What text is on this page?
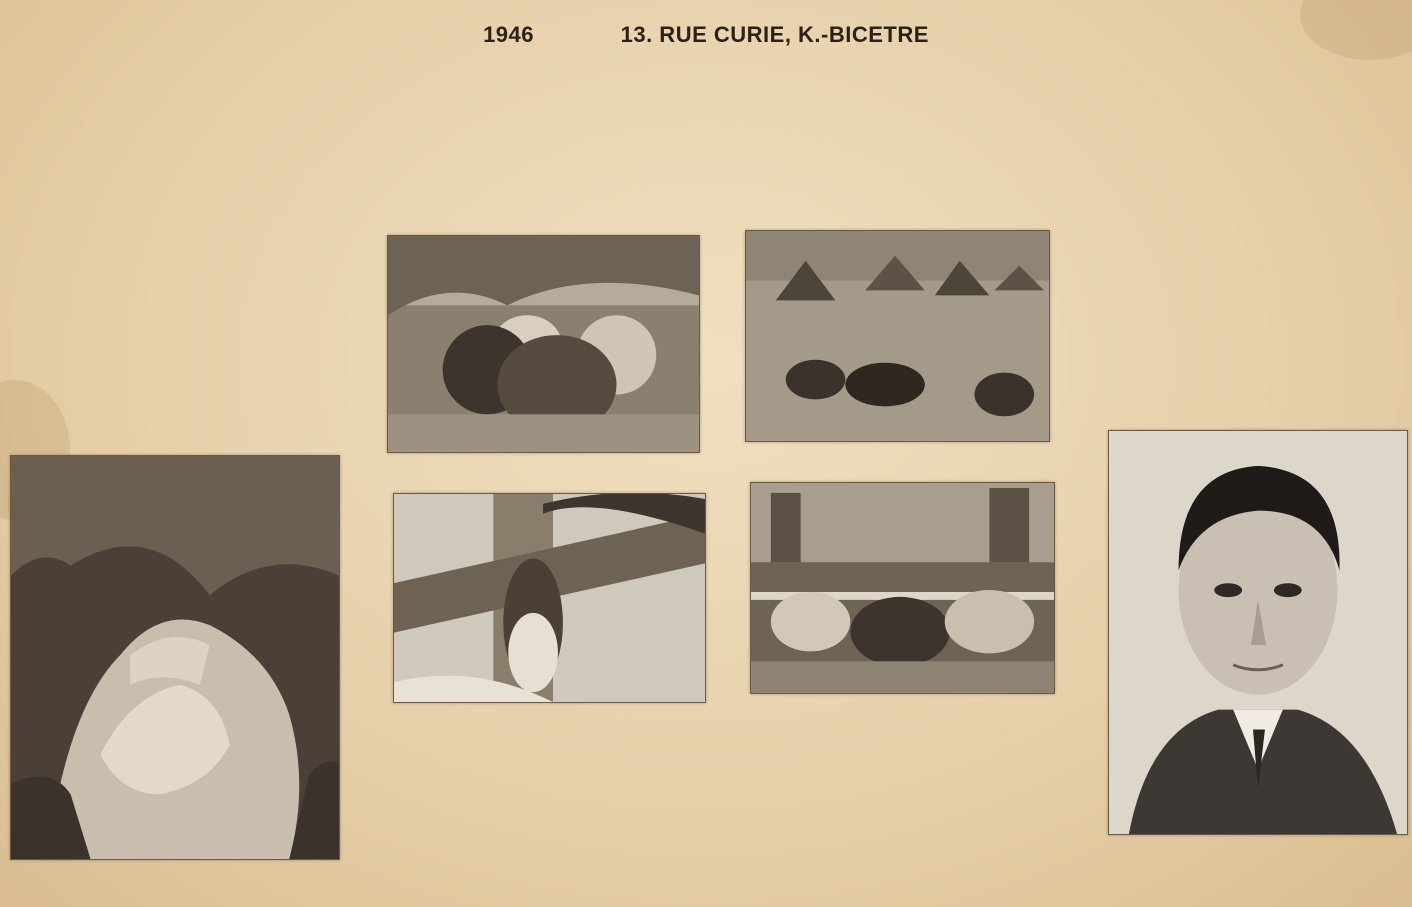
1946	13. RUE CURIE, K.-BICETRE
